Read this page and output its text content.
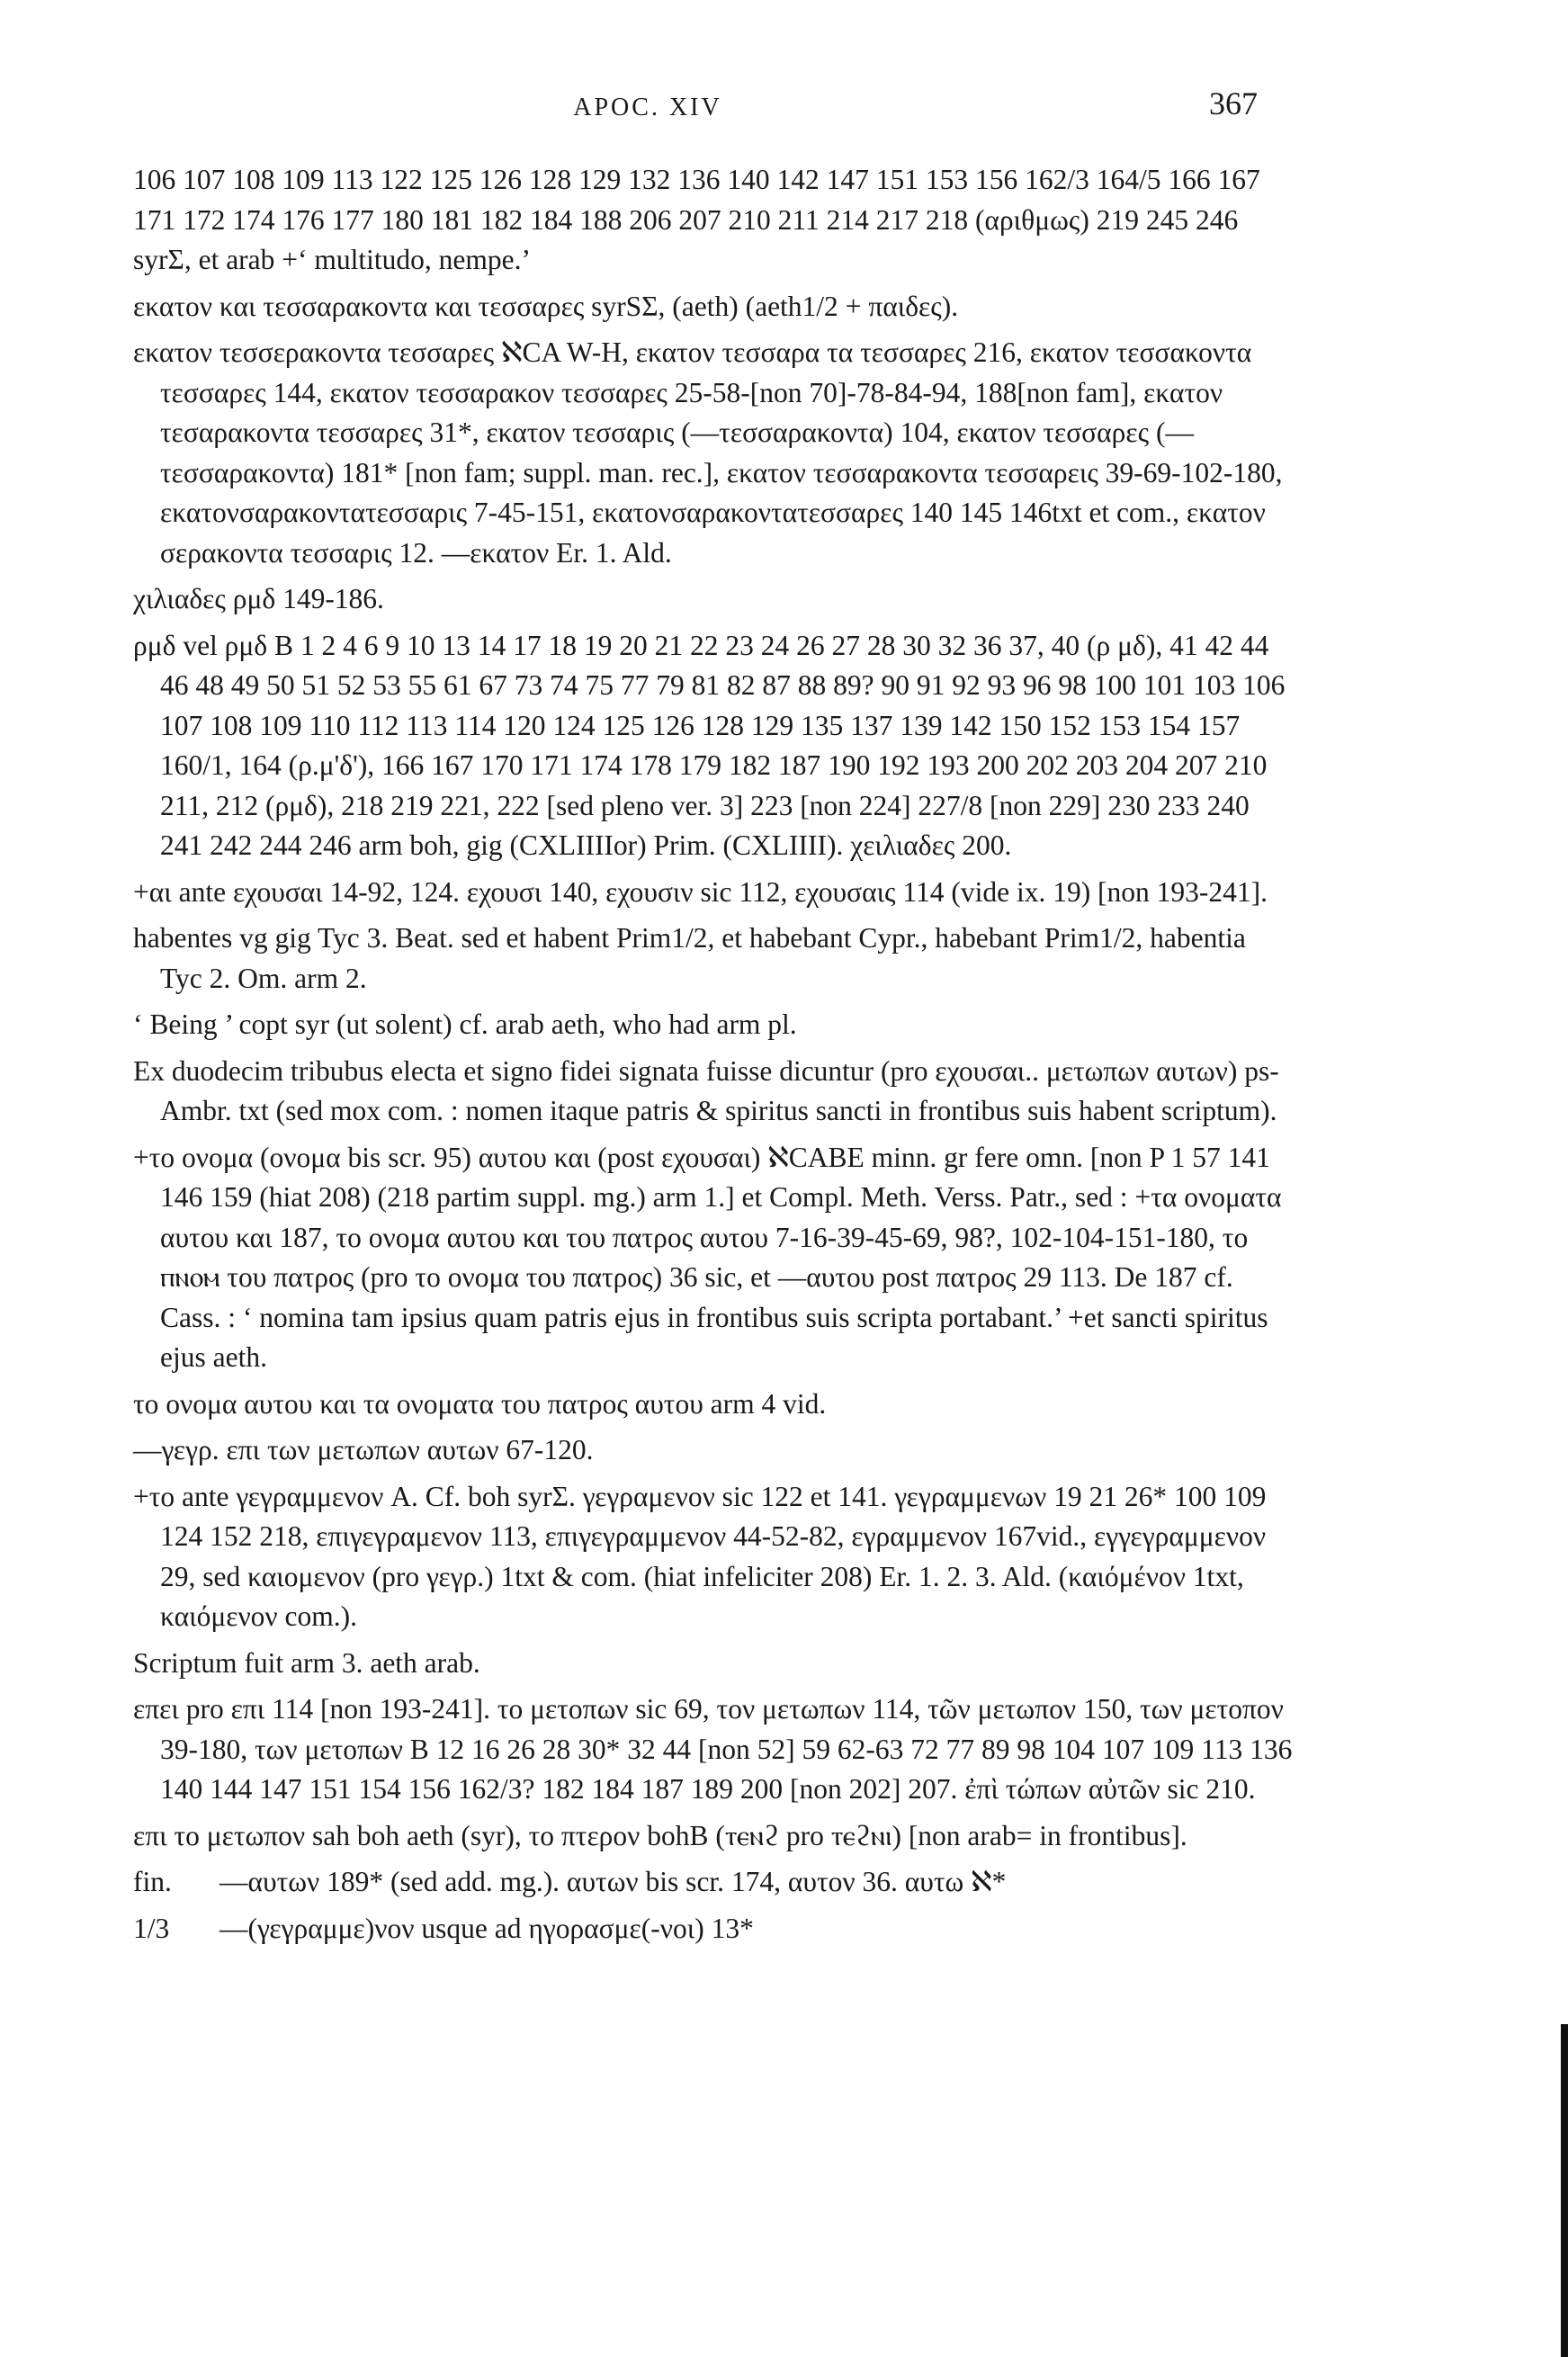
APOC. XIV	367

106 107 108 109 113 122 125 126 128 129 132 136 140 142 147 151 153 156 162/3 164/5 166 167 171 172 174 176 177 180 181 182 184 188 206 207 210 211 214 217 218 (αριθμως) 219 245 246 syrΣ, et arab +‘ multitudo, nempe.’

εκατον και τεσσαρακοντα και τεσσαρες syrSΣ, (aeth) (aeth1/2 + παιδες).

εκατον τεσσερακοντα τεσσαρες ℵCA W-H, εκατον τεσσαρα τα τεσσαρες 216, εκατον τεσσακοντα τεσσαρες 144, εκατον τεσσαρακον τεσσαρες 25-58-[non 70]-78-84-94, 188[non fam], εκατον τεσαρακοντα τεσσαρες 31*, εκατον τεσσαρις (—τεσσαρακοντα) 104, εκατον τεσσαρες (—τεσσαρακοντα) 181* [non fam; suppl. man. rec.], εκατον τεσσαρακοντα τεσσαρεις 39-69-102-180, εκατονσαρακοντατεσσαρις 7-45-151, εκατονσαρακοντατεσσαρες 140 145 146txt et com., εκατον σερακοντα τεσσαρις 12. —εκατον Er. 1. Ald.

χιλιαδες ρμδ 149-186.

ρμδ vel ρμδ B 1 2 4 6 9 10 13 14 17 18 19 20 21 22 23 24 26 27 28 30 32 36 37, 40 (ρ μδ), 41 42 44 46 48 49 50 51 52 53 55 61 67 73 74 75 77 79 81 82 87 88 89? 90 91 92 93 96 98 100 101 103 106 107 108 109 110 112 113 114 120 124 125 126 128 129 135 137 139 142 150 152 153 154 157 160/1, 164 (ρ.μ'δ'), 166 167 170 171 174 178 179 182 187 190 192 193 200 202 203 204 207 210 211, 212 (ρμδ), 218 219 221, 222 [sed pleno ver. 3] 223 [non 224] 227/8 [non 229] 230 233 240 241 242 244 246 arm boh, gig (CXLIIIIor) Prim. (CXLIIII). χειλιαδες 200.

+αι ante εχουσαι 14-92, 124. εχουσι 140, εχουσιν sic 112, εχουσαις 114 (vide ix. 19) [non 193-241].

habentes vg gig Tyc 3. Beat. sed et habent Prim1/2, et habebant Cypr., habebant Prim1/2, habentia Tyc 2. Om. arm 2.

‘ Being ’ copt syr (ut solent) cf. arab aeth, who had arm pl.

Ex duodecim tribubus electa et signo fidei signata fuisse dicuntur (pro εχουσαι.. μετωπων αυτων) ps-Ambr. txt (sed mox com. : nomen itaque patris & spiritus sancti in frontibus suis habent scriptum).

+το ονομα (ονομα bis scr. 95) αυτου και (post εχουσαι) ℵCABE minn. gr fere omn. [non P 1 57 141 146 159 (hiat 208) (218 partim suppl. mg.) arm 1.] et Compl. Meth. Verss. Patr., sed : +τα ονοματα αυτου και 187, το ονομα αυτου και του πατρος αυτου 7-16-39-45-69, 98?, 102-104-151-180, το ⲡⲛⲟⲙ του πατρος (pro το ονομα του πατρος) 36 sic, et —αυτου post πατρος 29 113. De 187 cf. Cass. : ‘ nomina tam ipsius quam patris ejus in frontibus suis scripta portabant.’ +et sancti spiritus ejus aeth.

το ονομα αυτου και τα ονοματα του πατρος αυτου arm 4 vid.

—γεγρ. επι των μετωπων αυτων 67-120.

+το ante γεγραμμενον A. Cf. boh syrΣ. γεγραμενον sic 122 et 141. γεγραμμενων 19 21 26* 100 109 124 152 218, επιγεγραμενον 113, επιγεγραμμενον 44-52-82, εγραμμενον 167vid., εγγεγραμμενον 29, sed καιομενον (pro γεγρ.) 1txt & com. (hiat infeliciter 208) Er. 1. 2. 3. Ald. (καιόμένον 1txt, καιόμενον com.).

Scriptum fuit arm 3. aeth arab.

επει pro επι 114 [non 193-241]. το μετοπων sic 69, τον μετωπων 114, τῶν μετωπον 150, των μετοπον 39-180, των μετοπων B 12 16 26 28 30* 32 44 [non 52] 59 62-63 72 77 89 98 104 107 109 113 136 140 144 147 151 154 156 162/3? 182 184 187 189 200 [non 202] 207. ἐπὶ τώπων αὐτῶν sic 210.

επι το μετωπον sah boh aeth (syr), το πτερον bohB (ⲧⲉⲛϩ pro ⲧⲉϩⲛⲓ) [non arab= in frontibus].

fin. —αυτων 189* (sed add. mg.). αυτων bis scr. 174, αυτον 36. αυτω ℵ*

1/3 —(γεγραμμε)νον usque ad ηγορασμε(-νοι) 13*
